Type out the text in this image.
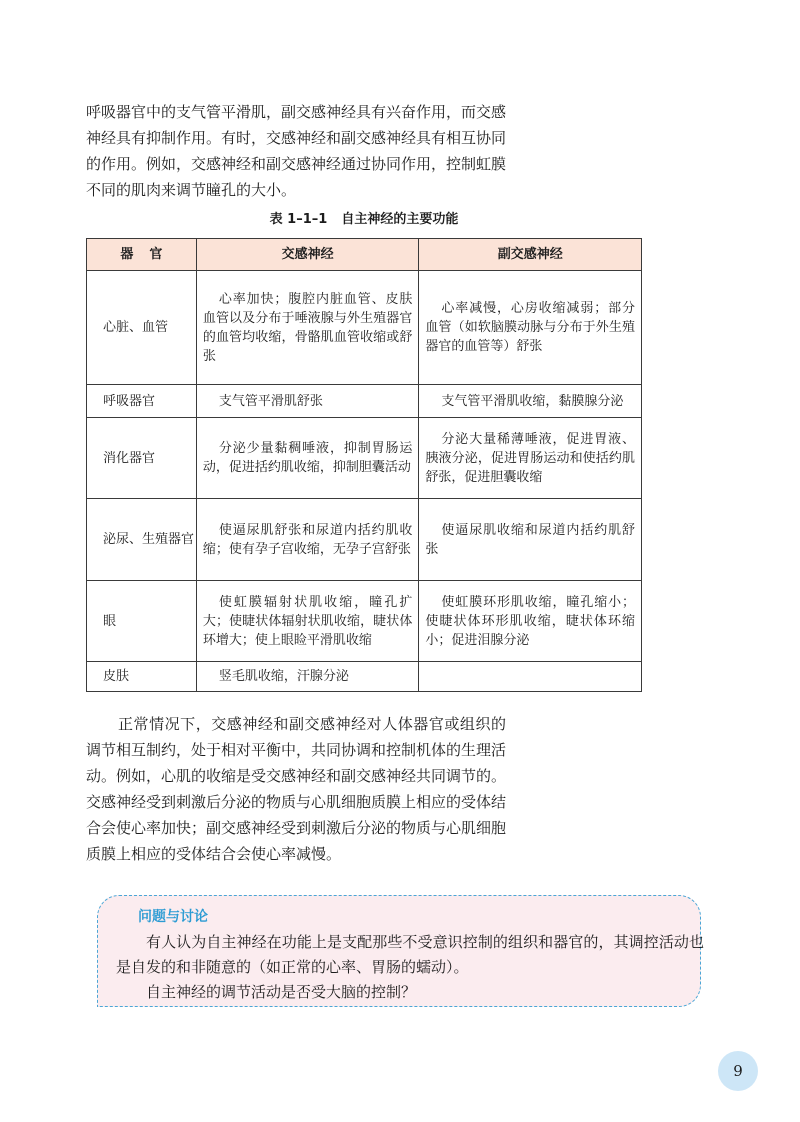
呼吸器官中的支气管平滑肌，副交感神经具有兴奋作用，而交感神经具有抑制作用。有时，交感神经和副交感神经具有相互协同的作用。例如，交感神经和副交感神经通过协同作用，控制虹膜不同的肌肉来调节瞳孔的大小。

表 1–1–1 自主神经的主要功能

器官	交感神经	副交感神经
心脏、血管	心率加快；腹腔内脏血管、皮肤血管以及分布于唾液腺与外生殖器官的血管均收缩，骨骼肌血管收缩或舒张	心率减慢，心房收缩减弱；部分血管（如软脑膜动脉与分布于外生殖器官的血管等）舒张
呼吸器官	支气管平滑肌舒张	支气管平滑肌收缩，黏膜腺分泌
消化器官	分泌少量黏稠唾液，抑制胃肠运动，促进括约肌收缩，抑制胆囊活动	分泌大量稀薄唾液，促进胃液、胰液分泌，促进胃肠运动和使括约肌舒张，促进胆囊收缩
泌尿、生殖器官	使逼尿肌舒张和尿道内括约肌收缩；使有孕子宫收缩，无孕子宫舒张	使逼尿肌收缩和尿道内括约肌舒张
眼	使虹膜辐射状肌收缩，瞳孔扩大；使睫状体辐射状肌收缩，睫状体环增大；使上眼睑平滑肌收缩	使虹膜环形肌收缩，瞳孔缩小；使睫状体环形肌收缩，睫状体环缩小；促进泪腺分泌
皮肤	竖毛肌收缩，汗腺分泌	

正常情况下，交感神经和副交感神经对人体器官或组织的调节相互制约，处于相对平衡中，共同协调和控制机体的生理活动。例如，心肌的收缩是受交感神经和副交感神经共同调节的。交感神经受到刺激后分泌的物质与心肌细胞质膜上相应的受体结合会使心率加快；副交感神经受到刺激后分泌的物质与心肌细胞质膜上相应的受体结合会使心率减慢。

问题与讨论

有人认为自主神经在功能上是支配那些不受意识控制的组织和器官的，其调控活动也是自发的和非随意的（如正常的心率、胃肠的蠕动）。

自主神经的调节活动是否受大脑的控制？

9
